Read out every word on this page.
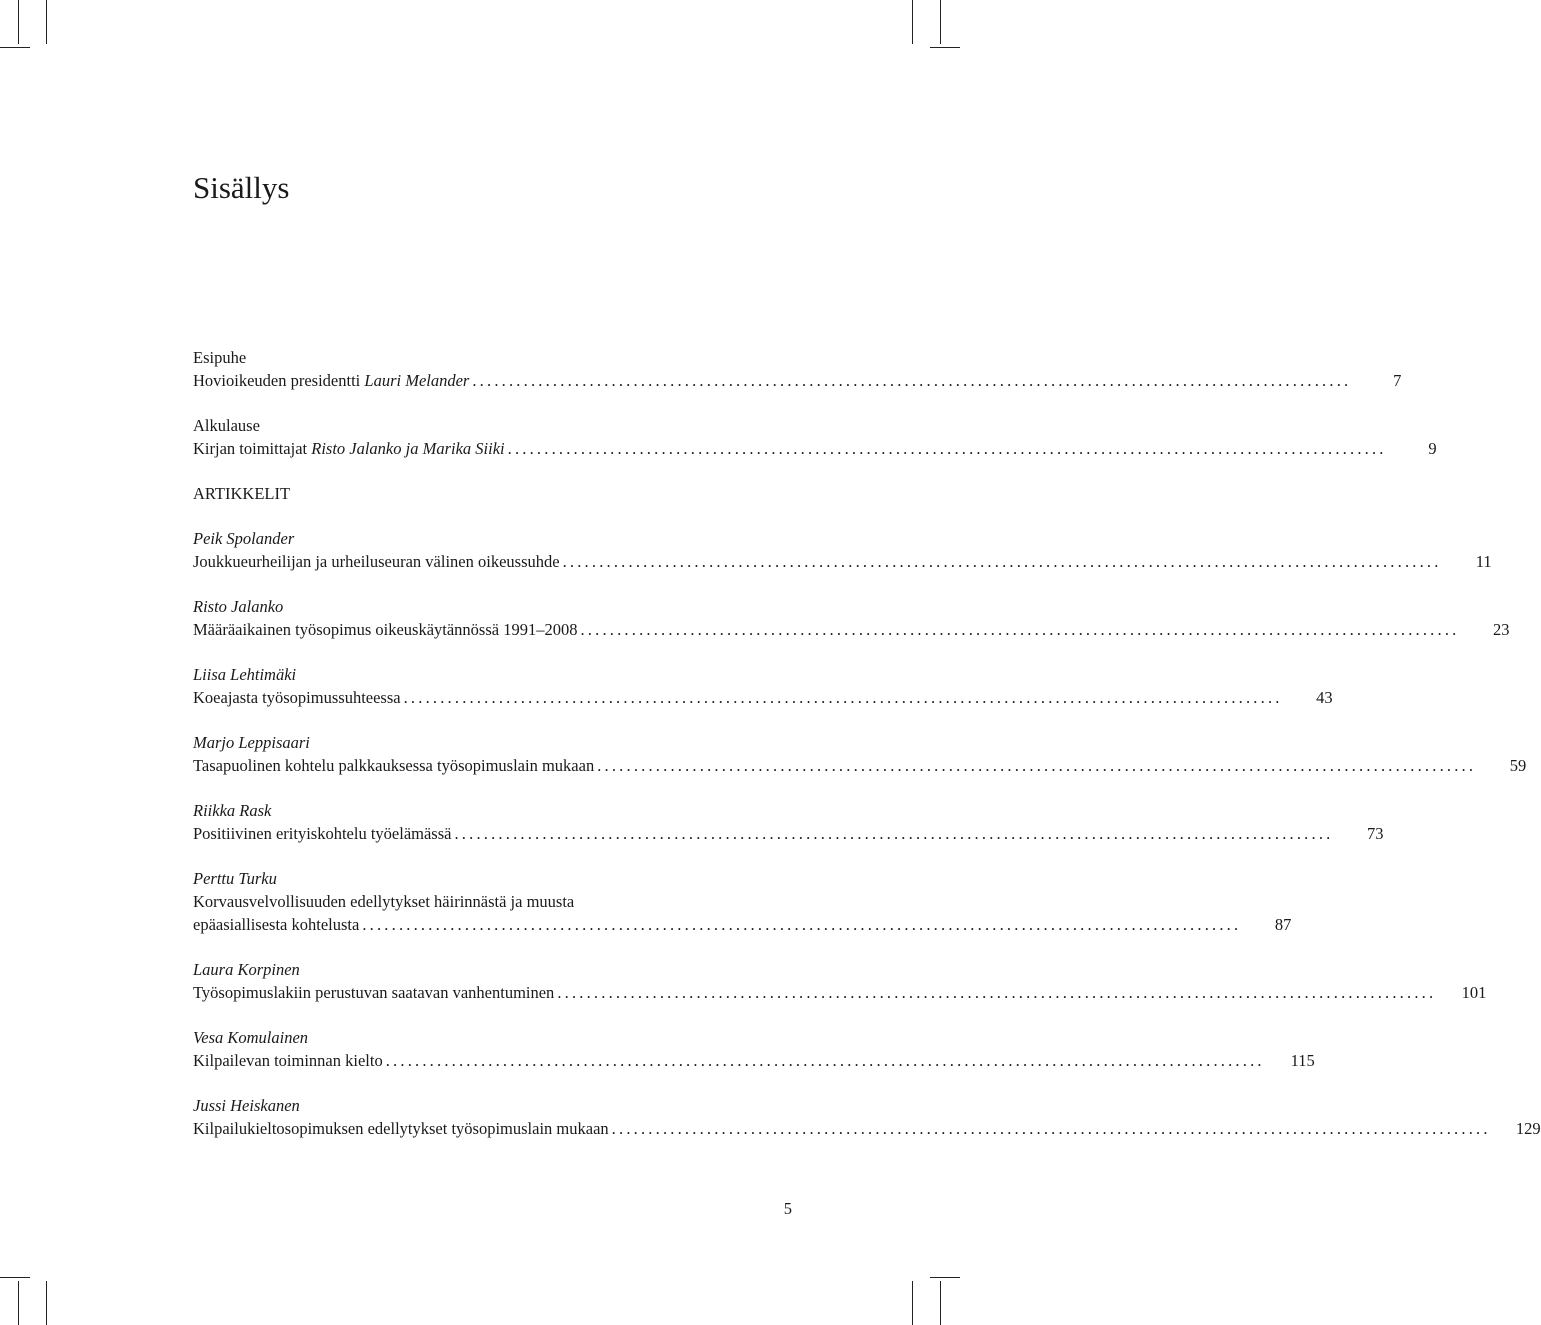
Sisällys
Esipuhe
Hovioikeuden presidentti Lauri Melander ........................................................................................................................	7
Alkulause
Kirjan toimittajat Risto Jalanko ja Marika Siiki ........................................................................................................................	9
ARTIKKELIT
Peik Spolander
Joukkueurheilijan ja urheiluseuran välinen oikeussuhde ........................................................................................................................	11
Risto Jalanko
Määräaikainen työsopimus oikeuskäytännössä 1991–2008 ........................................................................................................................	23
Liisa Lehtimäki
Koeajasta työsopimussuhteessa ........................................................................................................................	43
Marjo Leppisaari
Tasapuolinen kohtelu palkkauksessa työsopimuslain mukaan ........................................................................................................................	59
Riikka Rask
Positiivinen erityiskohtelu työelämässä ........................................................................................................................	73
Perttu Turku
Korvausvelvollisuuden edellytykset häirinnästä ja muusta
epäasiallisesta kohtelusta ........................................................................................................................	87
Laura Korpinen
Työsopimuslakiin perustuvan saatavan vanhentuminen ........................................................................................................................	101
Vesa Komulainen
Kilpailevan toiminnan kielto ........................................................................................................................	115
Jussi Heiskanen
Kilpailukieltosopimuksen edellytykset työsopimuslain mukaan ........................................................................................................................	129
5
